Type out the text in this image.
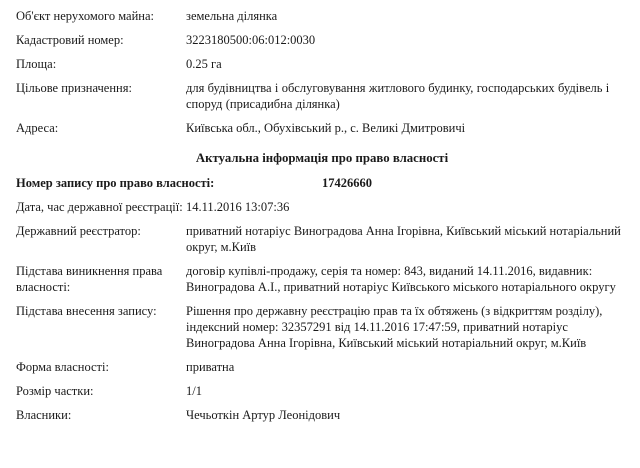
Об'єкт нерухомого майна:	земельна ділянка
Кадастровий номер:	3223180500:06:012:0030
Площа:	0.25 га
Цільове призначення:	для будівництва і обслуговування житлового будинку, господарських будівель і споруд (присадибна ділянка)
Адреса:	Київська обл., Обухівський р., с. Великі Дмитровичі
Актуальна інформація про право власності
Номер запису про право власності:	17426660
Дата, час державної реєстрації:	14.11.2016 13:07:36
Державний реєстратор:	приватний нотаріус Виноградова Анна Ігорівна, Київський міський нотаріальний округ, м.Київ
Підстава виникнення права власності:	договір купівлі-продажу, серія та номер: 843, виданий 14.11.2016, видавник: Виноградова А.І., приватний нотаріус Київського міського нотаріального округу
Підстава внесення запису:	Рішення про державну реєстрацію прав та їх обтяжень (з відкриттям розділу), індексний номер: 32357291 від 14.11.2016 17:47:59, приватний нотаріус Виноградова Анна Ігорівна, Київський міський нотаріальний округ, м.Київ
Форма власності:	приватна
Розмір частки:	1/1
Власники:	Чечьоткін Артур Леонідович
